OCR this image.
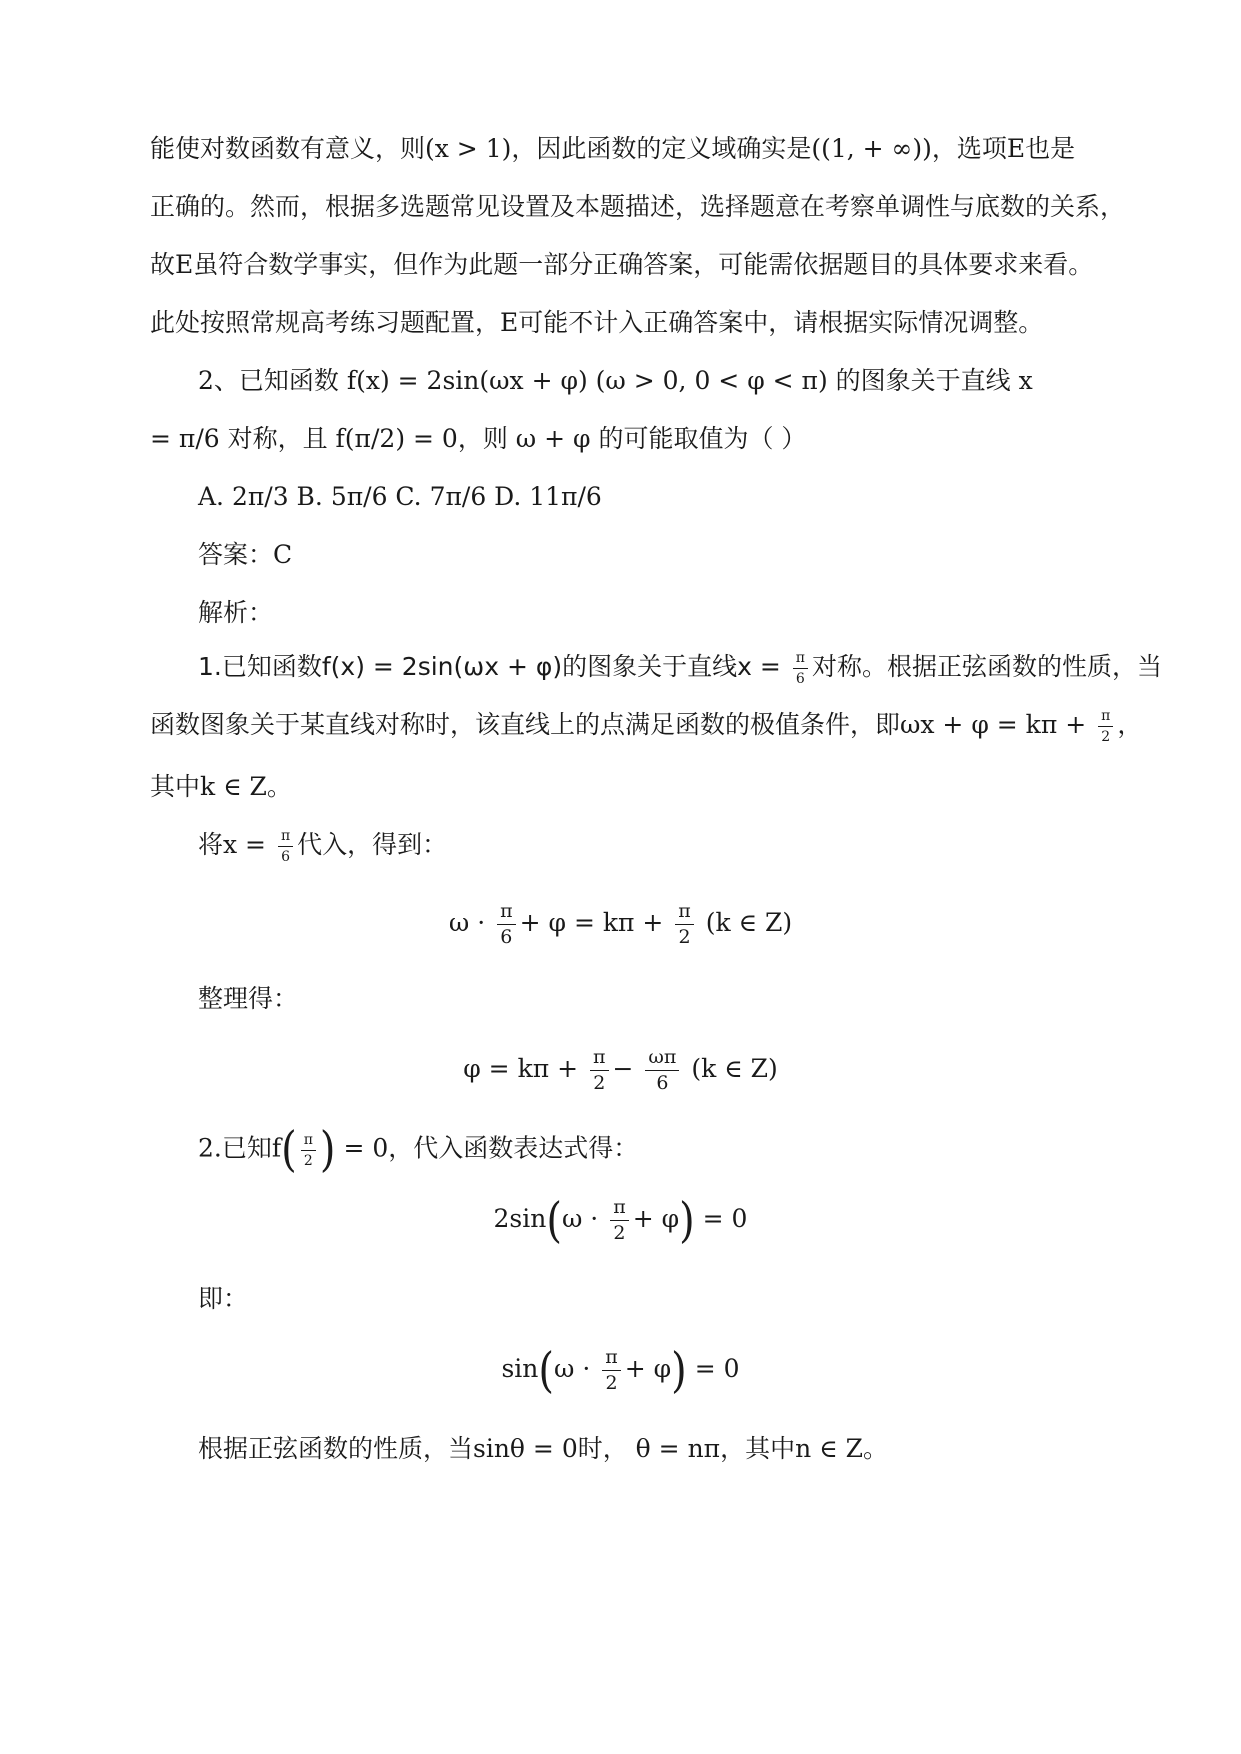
能使对数函数有意义，则(x > 1)，因此函数的定义域确实是((1, + ∞))，选项E也是
正确的。然而，根据多选题常见设置及本题描述，选择题意在考察单调性与底数的关系，
故E虽符合数学事实，但作为此题一部分正确答案，可能需依据题目的具体要求来看。
此处按照常规高考练习题配置，E可能不计入正确答案中，请根据实际情况调整。
2、已知函数 f(x) = 2sin(ωx + φ) (ω > 0, 0 < φ < π) 的图象关于直线 x
= π/6 对称，且 f(π/2) = 0，则 ω + φ 的可能取值为（ ）
A. 2π/3 B. 5π/6 C. 7π/6 D. 11π/6
答案：C
解析：
1.已知函数f(x) = 2sin(ωx + φ)的图象关于直线$x = \frac{\pi}{6}$ 对称。根据正弦函数的性质，当
函数图象关于某直线对称时，该直线上的点满足函数的极值条件，即$\omega x + \varphi = k\pi + \frac{\pi}{2}$ ，
其中k ∈ Z。
将$x = \frac{\pi}{6}$ 代入，得到：
$\omega \cdot \frac{\pi}{6} + \varphi = k\pi + \frac{\pi}{2} (k$ ∈ Z)
整理得：
$\varphi = k\pi + \frac{\pi}{2} - \frac{\omega\pi}{6} (k$ ∈ Z)
2.已知$f( \frac{\pi}{2}$ ) = 0，代入函数表达式得：
$2\sin(\omega \cdot \frac{\pi}{2} + \varphi) = 0$
即：
$\sin(\omega \cdot \frac{\pi}{2} + \varphi) = 0$
根据正弦函数的性质，当sinθ = 0时， θ = nπ，其中n ∈ Z。
